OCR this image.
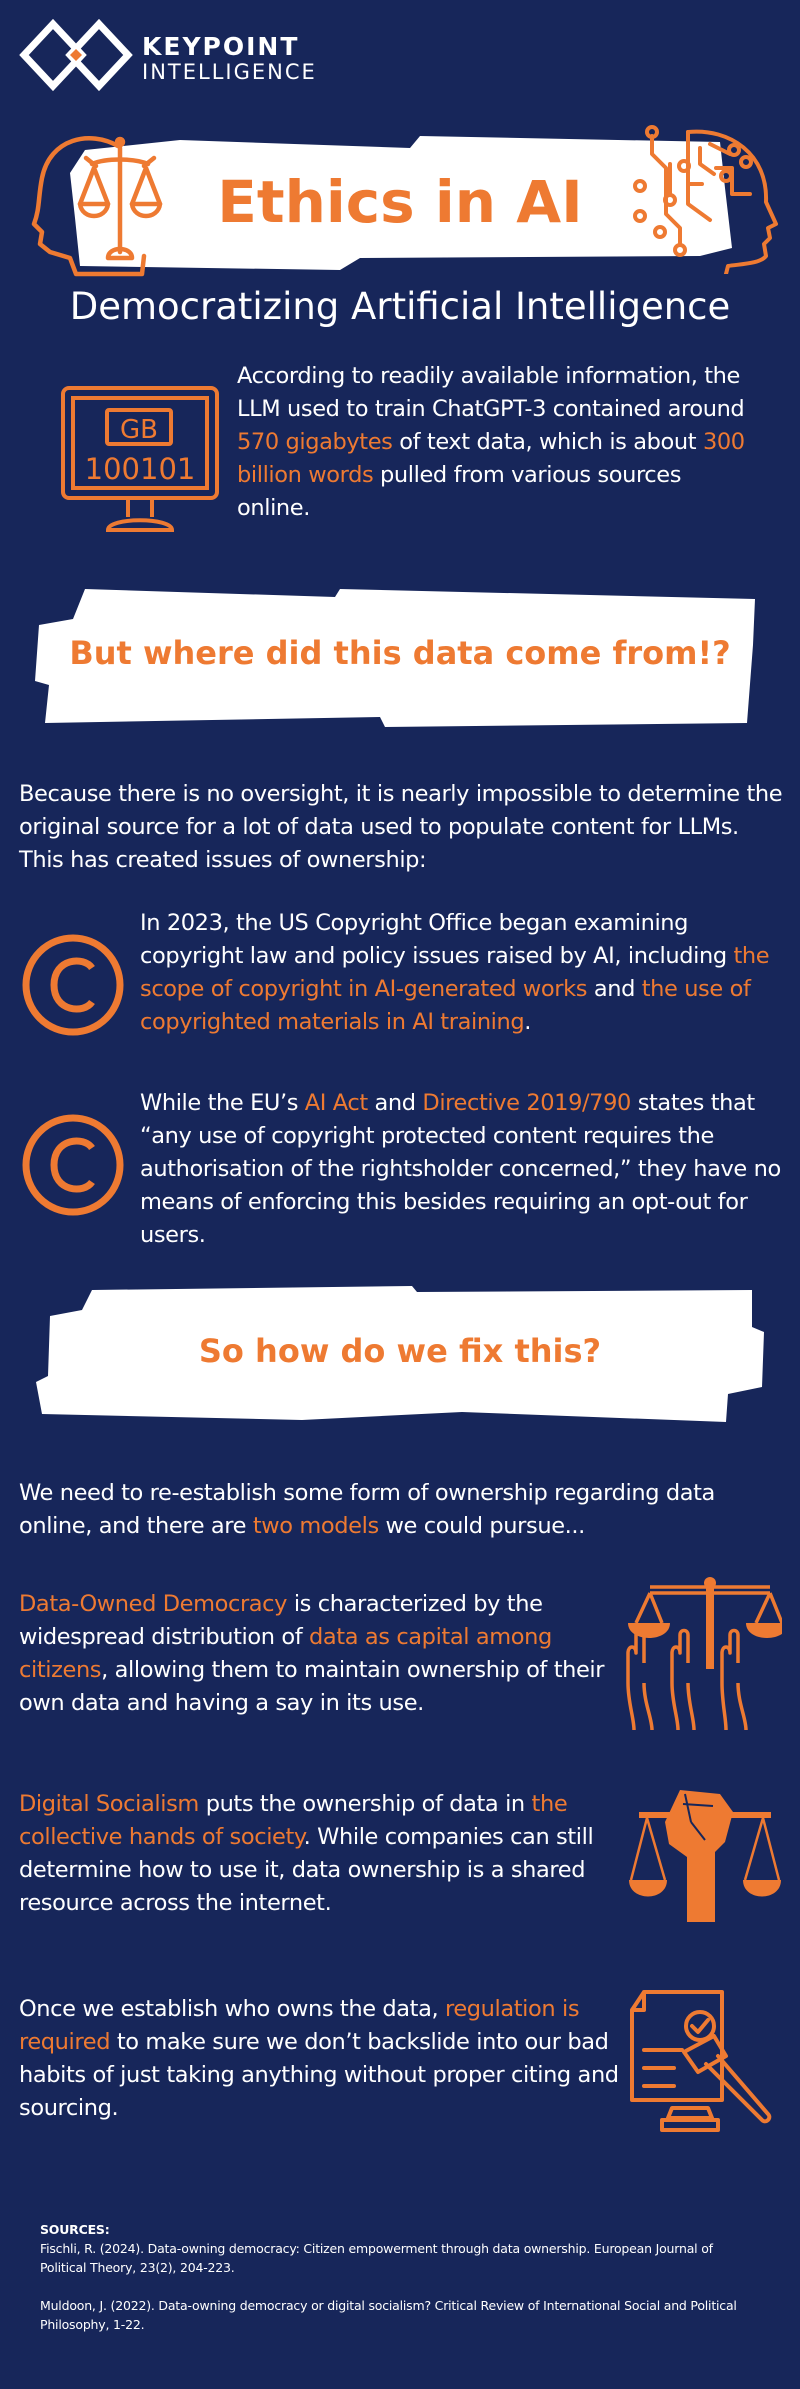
KEYPOINT
INTELLIGENCE
Ethics in AI
Democratizing Artificial Intelligence
GB
100101

According to readily available information, the LLM used to train ChatGPT-3 contained around 570 gigabytes of text data, which is about 300 billion words pulled from various sources online.

But where did this data come from!?

Because there is no oversight, it is nearly impossible to determine the original source for a lot of data used to populate content for LLMs. This has created issues of ownership:

In 2023, the US Copyright Office began examining copyright law and policy issues raised by AI, including the scope of copyright in AI-generated works and the use of copyrighted materials in AI training.

While the EU’s AI Act and Directive 2019/790 states that “any use of copyright protected content requires the authorisation of the rightsholder concerned,” they have no means of enforcing this besides requiring an opt-out for users.

So how do we fix this?

We need to re-establish some form of ownership regarding data online, and there are two models we could pursue...

Data-Owned Democracy is characterized by the widespread distribution of data as capital among citizens, allowing them to maintain ownership of their own data and having a say in its use.

Digital Socialism puts the ownership of data in the collective hands of society. While companies can still determine how to use it, data ownership is a shared resource across the internet.

Once we establish who owns the data, regulation is required to make sure we don’t backslide into our bad habits of just taking anything without proper citing and sourcing.

SOURCES:
Fischli, R. (2024). Data-owning democracy: Citizen empowerment through data ownership. European Journal of Political Theory, 23(2), 204-223.
Muldoon, J. (2022). Data-owning democracy or digital socialism? Critical Review of International Social and Political Philosophy, 1-22.
